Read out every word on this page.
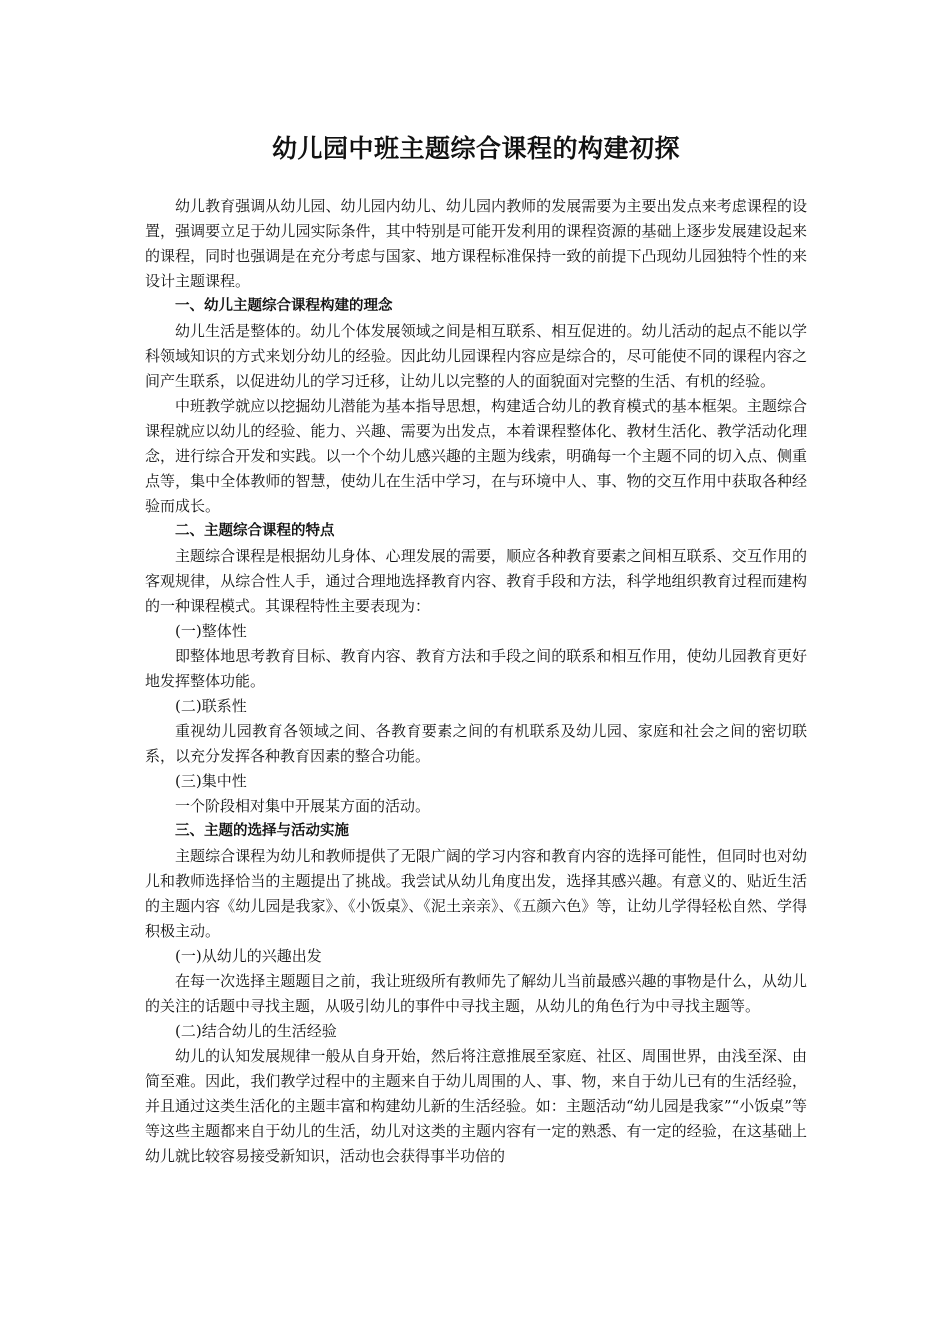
幼儿园中班主题综合课程的构建初探

幼儿教育强调从幼儿园、幼儿园内幼儿、幼儿园内教师的发展需要为主要出发点来考虑课程的设置，强调要立足于幼儿园实际条件，其中特别是可能开发利用的课程资源的基础上逐步发展建设起来的课程，同时也强调是在充分考虑与国家、地方课程标准保持一致的前提下凸现幼儿园独特个性的来设计主题课程。

一、幼儿主题综合课程构建的理念

幼儿生活是整体的。幼儿个体发展领域之间是相互联系、相互促进的。幼儿活动的起点不能以学科领域知识的方式来划分幼儿的经验。因此幼儿园课程内容应是综合的，尽可能使不同的课程内容之间产生联系，以促进幼儿的学习迁移，让幼儿以完整的人的面貌面对完整的生活、有机的经验。

中班教学就应以挖掘幼儿潜能为基本指导思想，构建适合幼儿的教育模式的基本框架。主题综合课程就应以幼儿的经验、能力、兴趣、需要为出发点，本着课程整体化、教材生活化、教学活动化理念，进行综合开发和实践。以一个个幼儿感兴趣的主题为线索，明确每一个主题不同的切入点、侧重点等，集中全体教师的智慧，使幼儿在生活中学习，在与环境中人、事、物的交互作用中获取各种经验而成长。

二、主题综合课程的特点

主题综合课程是根据幼儿身体、心理发展的需要，顺应各种教育要素之间相互联系、交互作用的客观规律，从综合性人手，通过合理地选择教育内容、教育手段和方法，科学地组织教育过程而建构的一种课程模式。其课程特性主要表现为：

(一)整体性

即整体地思考教育目标、教育内容、教育方法和手段之间的联系和相互作用，使幼儿园教育更好地发挥整体功能。

(二)联系性

重视幼儿园教育各领域之间、各教育要素之间的有机联系及幼儿园、家庭和社会之间的密切联系，以充分发挥各种教育因素的整合功能。

(三)集中性

一个阶段相对集中开展某方面的活动。

三、主题的选择与活动实施

主题综合课程为幼儿和教师提供了无限广阔的学习内容和教育内容的选择可能性，但同时也对幼儿和教师选择恰当的主题提出了挑战。我尝试从幼儿角度出发，选择其感兴趣。有意义的、贴近生活的主题内容《幼儿园是我家》、《小饭桌》、《泥土亲亲》、《五颜六色》等，让幼儿学得轻松自然、学得积极主动。

(一)从幼儿的兴趣出发

在每一次选择主题题目之前，我让班级所有教师先了解幼儿当前最感兴趣的事物是什么，从幼儿的关注的话题中寻找主题，从吸引幼儿的事件中寻找主题，从幼儿的角色行为中寻找主题等。

(二)结合幼儿的生活经验

幼儿的认知发展规律一般从自身开始，然后将注意推展至家庭、社区、周围世界，由浅至深、由简至难。因此，我们教学过程中的主题来自于幼儿周围的人、事、物，来自于幼儿已有的生活经验，并且通过这类生活化的主题丰富和构建幼儿新的生活经验。如：主题活动“幼儿园是我家”“小饭桌”等等这些主题都来自于幼儿的生活，幼儿对这类的主题内容有一定的熟悉、有一定的经验，在这基础上幼儿就比较容易接受新知识，活动也会获得事半功倍的
